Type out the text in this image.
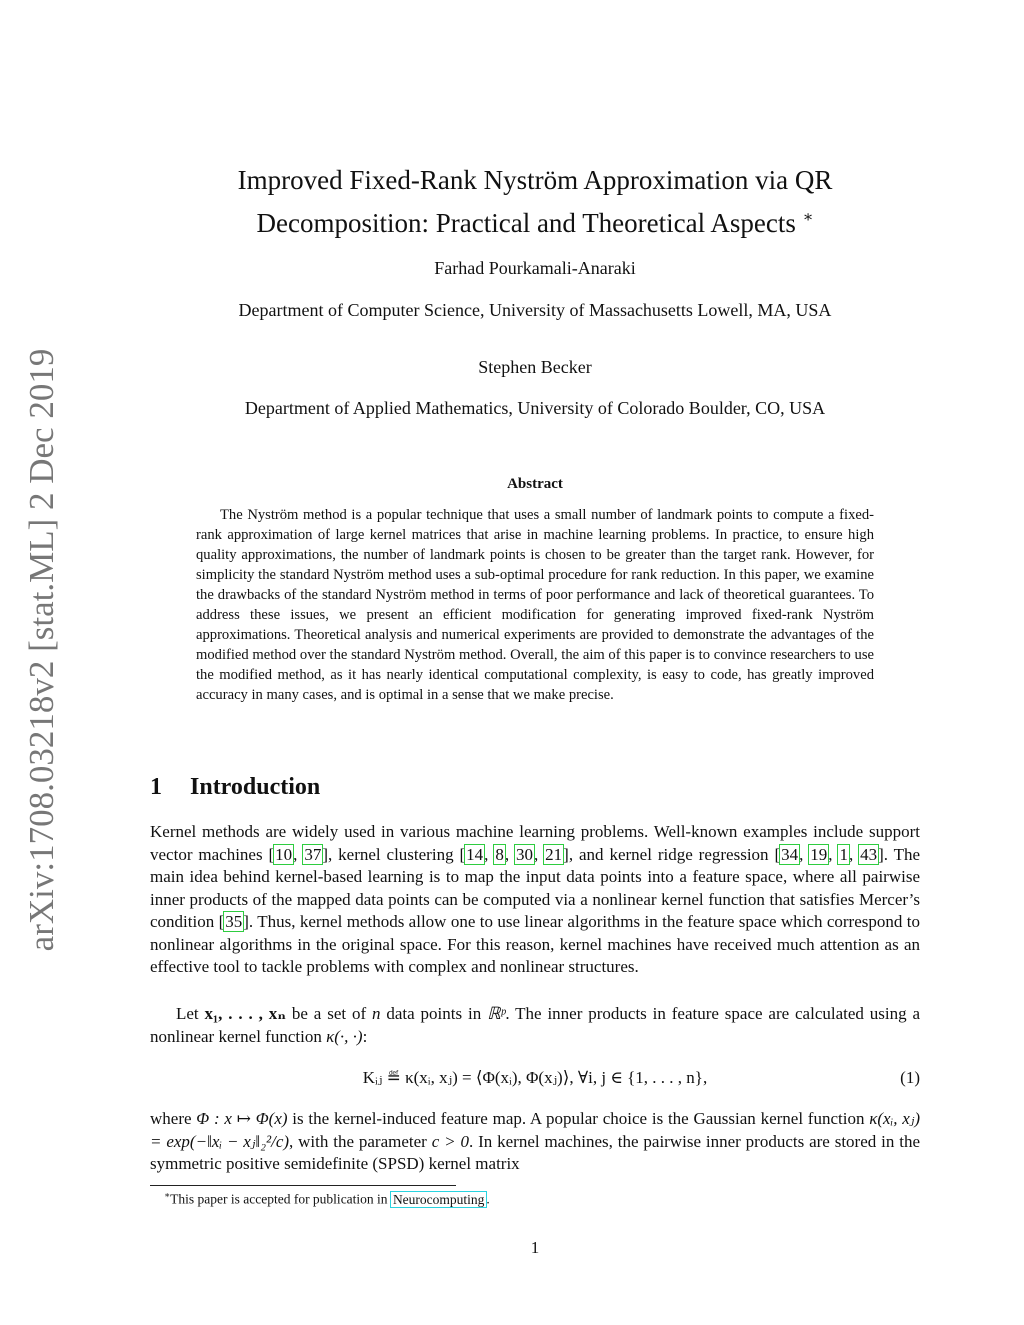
arXiv:1708.03218v2 [stat.ML] 2 Dec 2019
Improved Fixed-Rank Nyström Approximation via QR
Decomposition: Practical and Theoretical Aspects ∗
Farhad Pourkamali-Anaraki
Department of Computer Science, University of Massachusetts Lowell, MA, USA
Stephen Becker
Department of Applied Mathematics, University of Colorado Boulder, CO, USA
Abstract

The Nyström method is a popular technique that uses a small number of landmark points to compute a fixed-rank approximation of large kernel matrices that arise in machine learning problems. In practice, to ensure high quality approximations, the number of landmark points is chosen to be greater than the target rank. However, for simplicity the standard Nyström method uses a sub-optimal procedure for rank reduction. In this paper, we examine the drawbacks of the standard Nyström method in terms of poor performance and lack of theoretical guarantees. To address these issues, we present an efficient modification for generating improved fixed-rank Nyström approximations. Theoretical analysis and numerical experiments are provided to demonstrate the advantages of the modified method over the standard Nyström method. Overall, the aim of this paper is to convince researchers to use the modified method, as it has nearly identical computational complexity, is easy to code, has greatly improved accuracy in many cases, and is optimal in a sense that we make precise.

1 Introduction

Kernel methods are widely used in various machine learning problems. Well-known examples include support vector machines [10, 37], kernel clustering [14, 8, 30, 21], and kernel ridge regression [34, 19, 1, 43]. The main idea behind kernel-based learning is to map the input data points into a feature space, where all pairwise inner products of the mapped data points can be computed via a nonlinear kernel function that satisfies Mercer’s condition [35]. Thus, kernel methods allow one to use linear algorithms in the feature space which correspond to nonlinear algorithms in the original space. For this reason, kernel machines have received much attention as an effective tool to tackle problems with complex and nonlinear structures.

Let x₁, . . . , xₙ be a set of n data points in ℝᵖ. The inner products in feature space are calculated using a nonlinear kernel function κ(·, ·):

Kᵢⱼ ≝ κ(xᵢ, xⱼ) = ⟨Φ(xᵢ), Φ(xⱼ)⟩, ∀i, j ∈ {1, . . . , n},	(1)

where Φ : x ↦ Φ(x) is the kernel-induced feature map. A popular choice is the Gaussian kernel function κ(xᵢ, xⱼ) = exp(−‖xᵢ − xⱼ‖₂²/c), with the parameter c > 0. In kernel machines, the pairwise inner products are stored in the symmetric positive semidefinite (SPSD) kernel matrix

∗This paper is accepted for publication in Neurocomputing .
1
